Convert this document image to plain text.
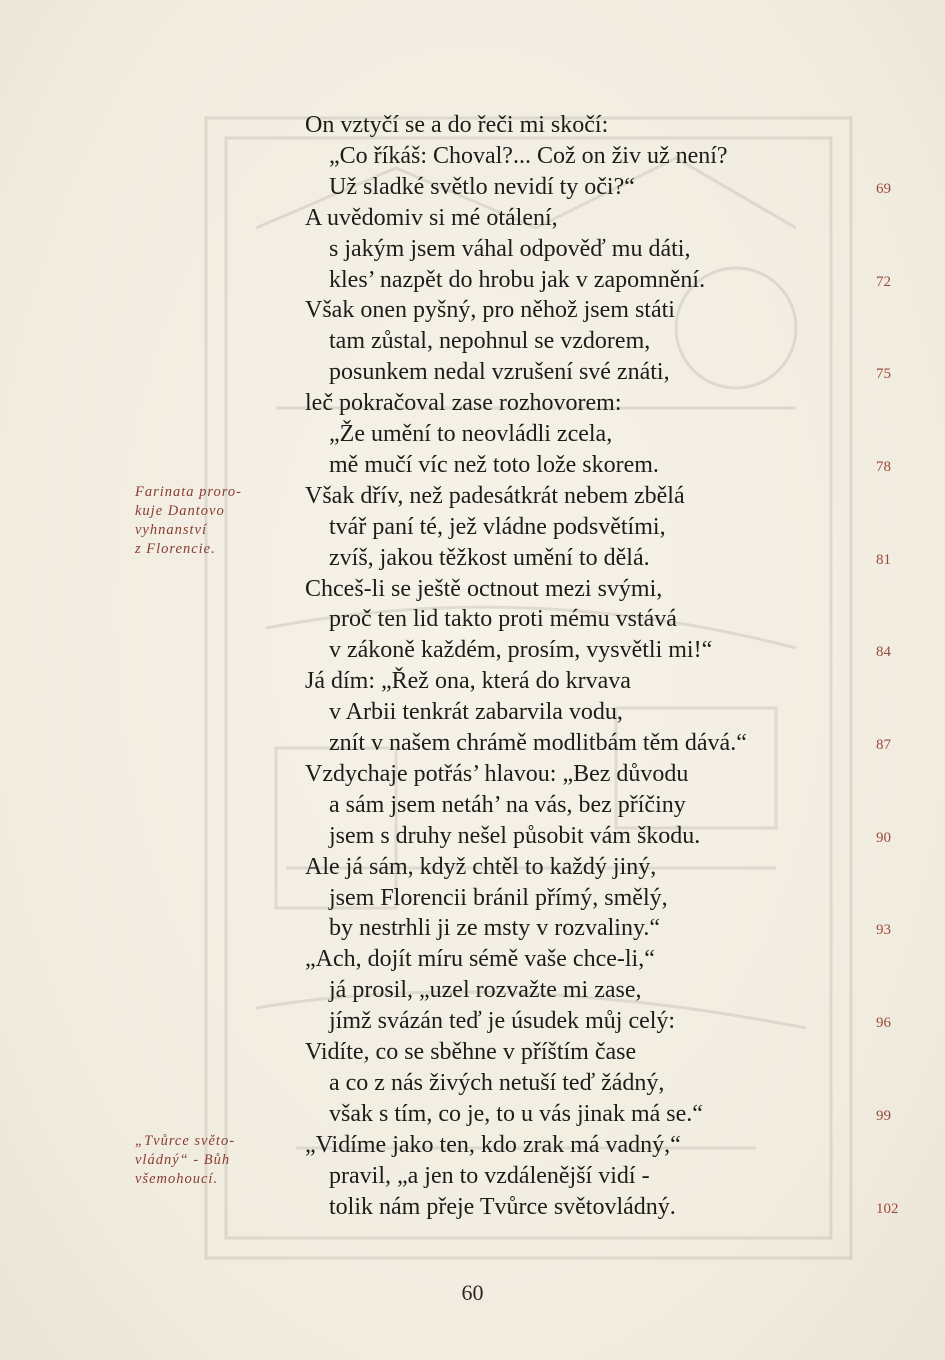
On vztyčí se a do řeči mi skočí:
„Co říkáš: Choval?... Což on živ už není?
Už sladké světlo nevidí ty oči?“	69
A uvědomiv si mé otálení,
s jakým jsem váhal odpověď mu dáti,
kles’ nazpět do hrobu jak v zapomnění.	72
Však onen pyšný, pro něhož jsem státi
tam zůstal, nepohnul se vzdorem,
posunkem nedal vzrušení své znáti,	75
leč pokračoval zase rozhovorem:
„Že umění to neovládli zcela,
mě mučí víc než toto lože skorem.	78
Však dřív, než padesátkrát nebem zbělá
tvář paní té, jež vládne podsvětími,
zvíš, jakou těžkost umění to dělá.	81
Chceš-li se ještě octnout mezi svými,
proč ten lid takto proti mému vstává
v zákoně každém, prosím, vysvětli mi!“	84
Já dím: „Řež ona, která do krvava
v Arbii tenkrát zabarvila vodu,
znít v našem chrámě modlitbám těm dává.“	87
Vzdychaje potřás’ hlavou: „Bez důvodu
a sám jsem netáh’ na vás, bez příčiny
jsem s druhy nešel působit vám škodu.	90
Ale já sám, když chtěl to každý jiný,
jsem Florencii bránil přímý, smělý,
by nestrhli ji ze msty v rozvaliny.“	93
„Ach, dojít míru sémě vaše chce-li,“
já prosil, „uzel rozvažte mi zase,
jímž svázán teď je úsudek můj celý:	96
Vidíte, co se sběhne v příštím čase
a co z nás živých netuší teď žádný,
však s tím, co je, to u vás jinak má se.“	99
„Vidíme jako ten, kdo zrak má vadný,“
pravil, „a jen to vzdálenější vidí -
tolik nám přeje Tvůrce světovládný.	102
Farinata proro-
kuje Dantovo
vyhnanství
z Florencie.
„Tvůrce světo-
vládný“ - Bůh
všemohoucí.
60
